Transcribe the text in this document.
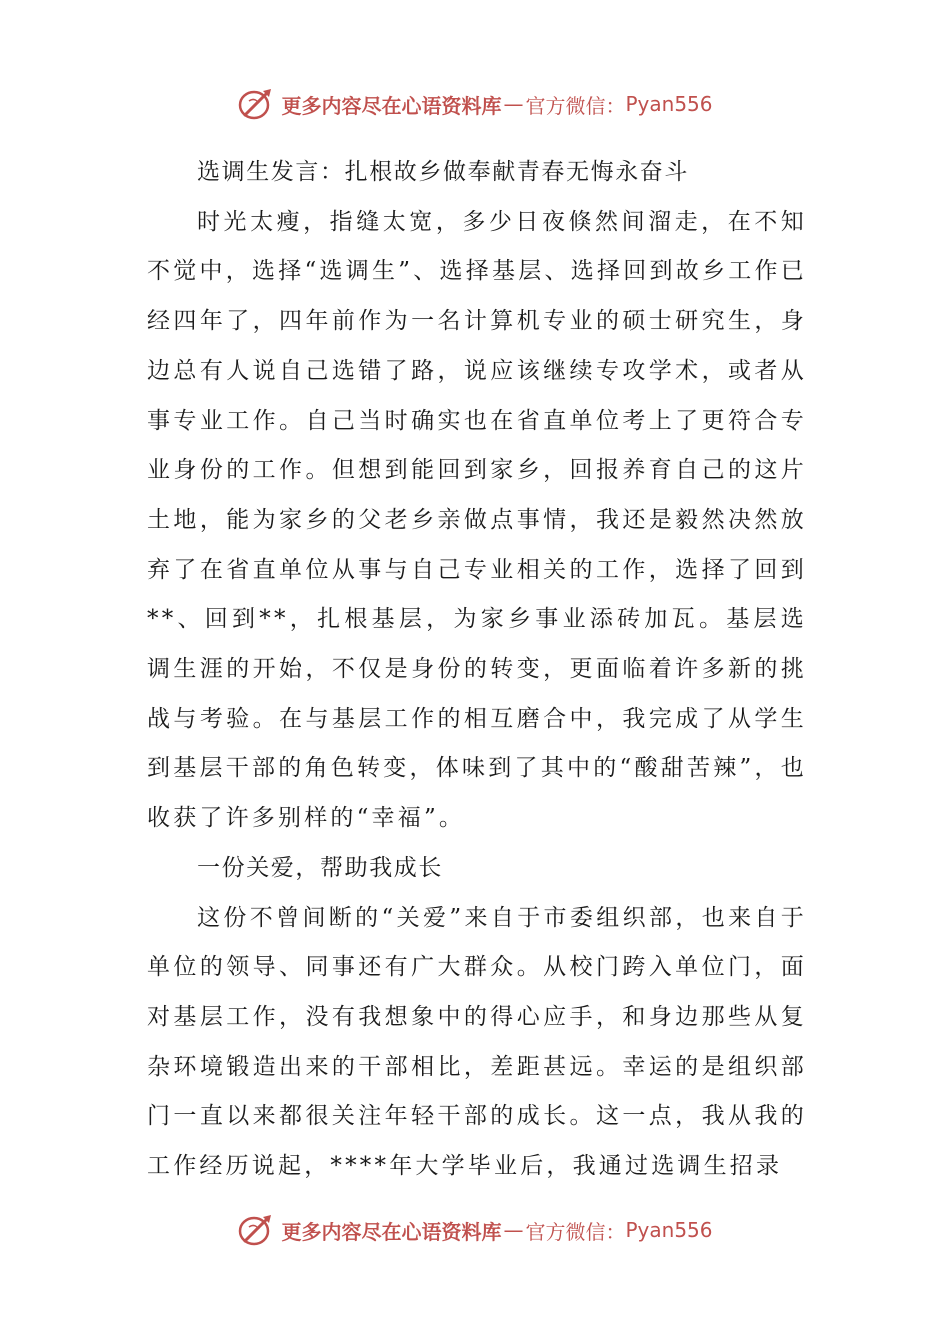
更多内容尽在心语资料库 — 官方微信： Pyan556

选调生发言：扎根故乡做奉献青春无悔永奋斗

时光太瘦，指缝太宽，多少日夜倏然间溜走，在不知不觉中，选择“选调生”、选择基层、选择回到故乡工作已经四年了，四年前作为一名计算机专业的硕士研究生，身边总有人说自己选错了路，说应该继续专攻学术，或者从事专业工作。自己当时确实也在省直单位考上了更符合专业身份的工作。但想到能回到家乡，回报养育自己的这片土地，能为家乡的父老乡亲做点事情，我还是毅然决然放弃了在省直单位从事与自己专业相关的工作，选择了回到**、回到**，扎根基层，为家乡事业添砖加瓦。基层选调生涯的开始，不仅是身份的转变，更面临着许多新的挑战与考验。在与基层工作的相互磨合中，我完成了从学生到基层干部的角色转变，体味到了其中的“酸甜苦辣”，也收获了许多别样的“幸福”。

一份关爱，帮助我成长

这份不曾间断的“关爱”来自于市委组织部，也来自于单位的领导、同事还有广大群众。从校门跨入单位门，面对基层工作，没有我想象中的得心应手，和身边那些从复杂环境锻造出来的干部相比，差距甚远。幸运的是组织部门一直以来都很关注年轻干部的成长。这一点，我从我的工作经历说起，****年大学毕业后，我通过选调生招录

更多内容尽在心语资料库 — 官方微信： Pyan556
